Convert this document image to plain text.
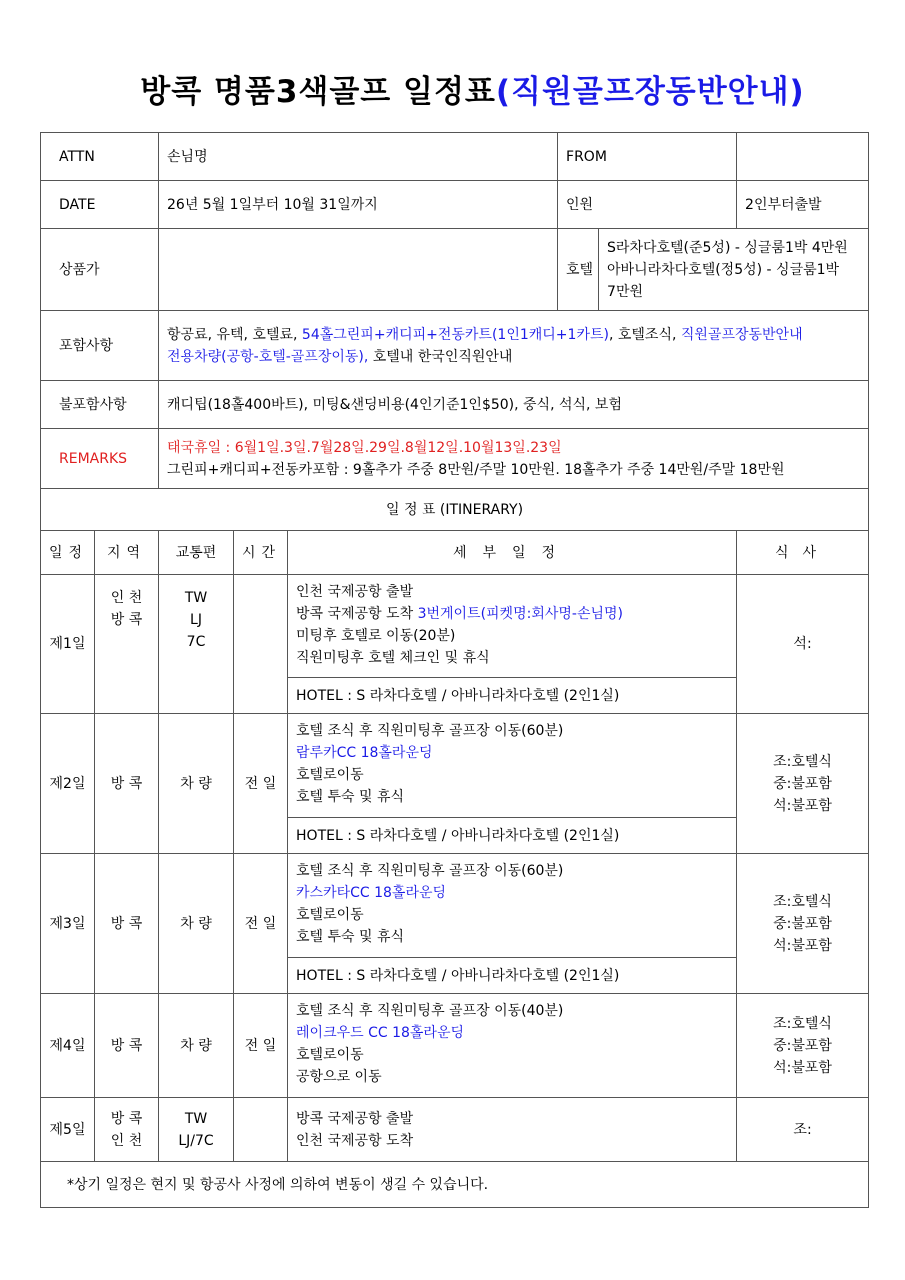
방콕 명품3색골프 일정표(직원골프장동반안내)
ATTN		손님명			FROM		
DATE		26년 5월 1일부터 10월 31일까지			인원		2인부터출발
상품가					호텔	S라차다호텔(준5성) - 싱글룸1박 4만원
아바니라차다호텔(정5성) - 싱글룸1박 7만원	

포함사항		항공료, 유텍, 호텔료, 54홀그린피+캐디피+전동카트(1인1캐디+1카트), 호텔조식, 직원골프장동반안내
전용차량(공항-호텔-골프장이동), 호텔내 한국인직원안내					
불포함사항		캐디팁(18홀400바트), 미팅&샌딩비용(4인기준1인$50), 중식, 석식, 보험					
REMARKS		태국휴일 : 6월1일.3일.7월28일.29일.8월12일.10월13일.23일
그린피+캐디피+전동카포함 : 9홀추가 주중 8만원/주말 10만원. 18홀추가 주중 14만원/주말 18만원					

일 정 표 (ITINERARY)							
일정	지역	교통편	시간	세부일정			식사
제1일	인 천
방 콕	TW
LJ
7C		인천 국제공항 출발
방콕 국제공항 도착 3번게이트(피켓명:회사명-손님명)
미팅후 호텔로 이동(20분)
직원미팅후 호텔 체크인 및 휴식			석:

				HOTEL : S 라차다호텔 / 아바니라차다호텔 (2인1실)			
제2일	방 콕	차 량	전 일	호텔 조식 후 직원미팅후 골프장 이동(60분)
람루카CC 18홀라운딩
호텔로이동
호텔 투숙 및 휴식			조:호텔식
중:불포함
석:불포함

				HOTEL : S 라차다호텔 / 아바니라차다호텔 (2인1실)			
제3일	방 콕	차 량	전 일	호텔 조식 후 직원미팅후 골프장 이동(60분)
카스카타CC 18홀라운딩
호텔로이동
호텔 투숙 및 휴식			조:호텔식
중:불포함
석:불포함

				HOTEL : S 라차다호텔 / 아바니라차다호텔 (2인1실)			
제4일	방 콕	차 량	전 일	호텔 조식 후 직원미팅후 골프장 이동(40분)
레이크우드 CC 18홀라운딩
호텔로이동
공항으로 이동			조:호텔식
중:불포함
석:불포함

제5일	방 콕
인 천	TW
LJ/7C		방콕 국제공항 출발
인천 국제공항 도착			조:

*상기 일정은 현지 및 항공사 사정에 의하여 변동이 생길 수 있습니다.							
